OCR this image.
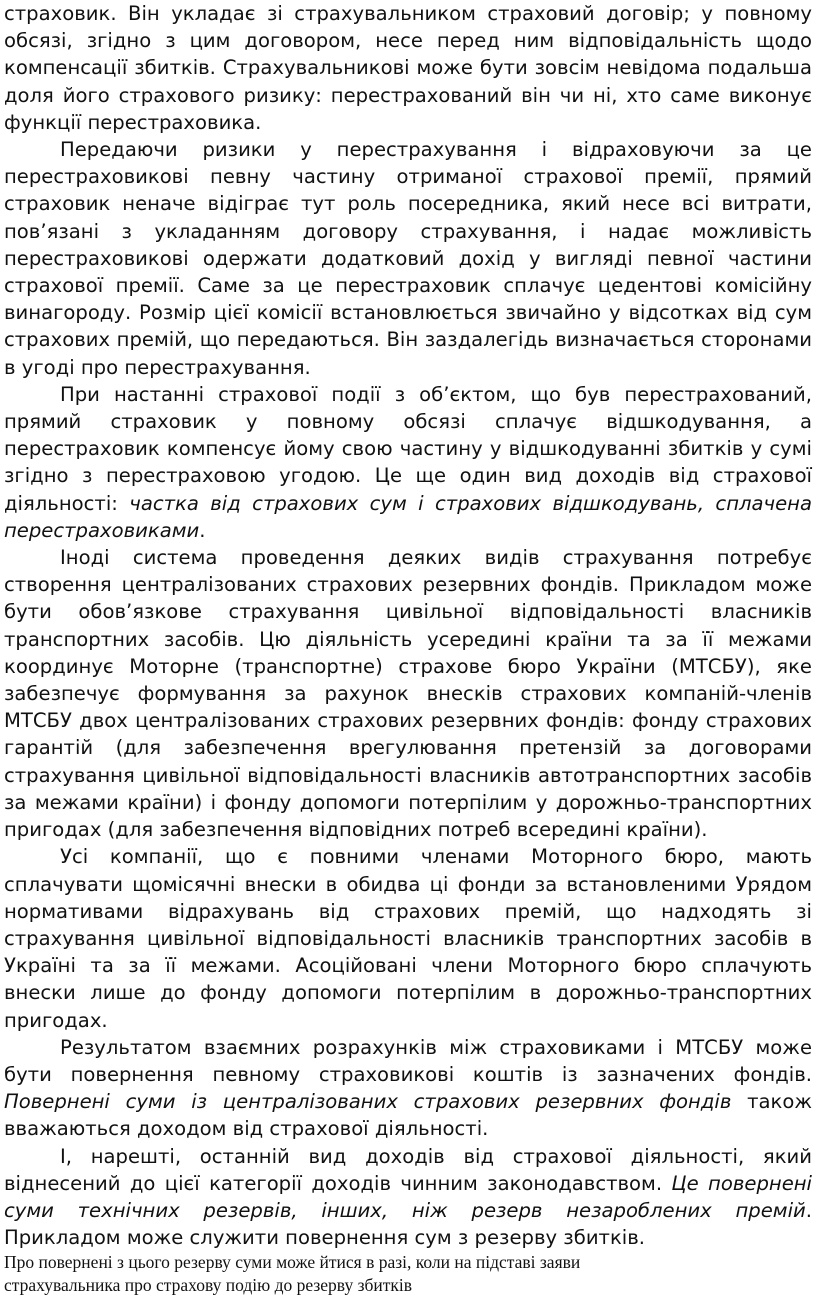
страховик. Він укладає зі страхувальником страховий договір; у повному обсязі, згідно з цим договором, несе перед ним відповідальність щодо компенсації збитків. Страхувальникові може бути зовсім невідома подальша доля його страхового ризику: перестрахований він чи ні, хто саме виконує функції перестраховика.

Передаючи ризики у перестрахування і відраховуючи за це перестраховикові певну частину отриманої страхової премії, прямий страховик неначе відіграє тут роль посередника, який несе всі витрати, пов’язані з укладанням договору страхування, і надає можливість перестраховикові одержати додатковий дохід у вигляді певної частини страхової премії. Саме за це перестраховик сплачує цедентові комісійну винагороду. Розмір цієї комісії встановлюється звичайно у відсотках від сум страхових премій, що передаються. Він заздалегідь визначається сторонами в угоді про перестрахування.

При настанні страхової події з об’єктом, що був перестрахований, прямий страховик у повному обсязі сплачує відшкодування, а перестраховик компенсує йому свою частину у відшкодуванні збитків у сумі згідно з перестраховою угодою. Це ще один вид доходів від страхової діяльності: частка від страхових сум і страхових відшкодувань, сплачена перестраховиками.

Іноді система проведення деяких видів страхування потребує створення централізованих страхових резервних фондів. Прикладом може бути обов’язкове страхування цивільної відповідальності власників транспортних засобів. Цю діяльність усередині країни та за її межами координує Моторне (транспортне) страхове бюро України (МТСБУ), яке забезпечує формування за рахунок внесків страхових компаній-членів МТСБУ двох централізованих страхових резервних фондів: фонду страхових гарантій (для забезпечення врегулювання претензій за договорами страхування цивільної відповідальності власників автотранспортних засобів за межами країни) і фонду допомоги потерпілим у дорожньо-транспортних пригодах (для забезпечення відповідних потреб всередині країни).

Усі компанії, що є повними членами Моторного бюро, мають сплачувати щомісячні внески в обидва ці фонди за встановленими Урядом нормативами відрахувань від страхових премій, що надходять зі страхування цивільної відповідальності власників транспортних засобів в Україні та за її межами. Асоційовані члени Моторного бюро сплачують внески лише до фонду допомоги потерпілим в дорожньо-транспортних пригодах.

Результатом взаємних розрахунків між страховиками і МТСБУ може бути повернення певному страховикові коштів із зазначених фондів. Повернені суми із централізованих страхових резервних фондів також вважаються доходом від страхової діяльності.

І, нарешті, останній вид доходів від страхової діяльності, який віднесений до цієї категорії доходів чинним законодавством. Це повернені суми технічних резервів, інших, ніж резерв незароблених премій. Прикладом може служити повернення сум з резерву збитків.

Про повернені з цього резерву суми може йтися в разі, коли на підставі заяви

страхувальника про страхову подію до резерву збитків
